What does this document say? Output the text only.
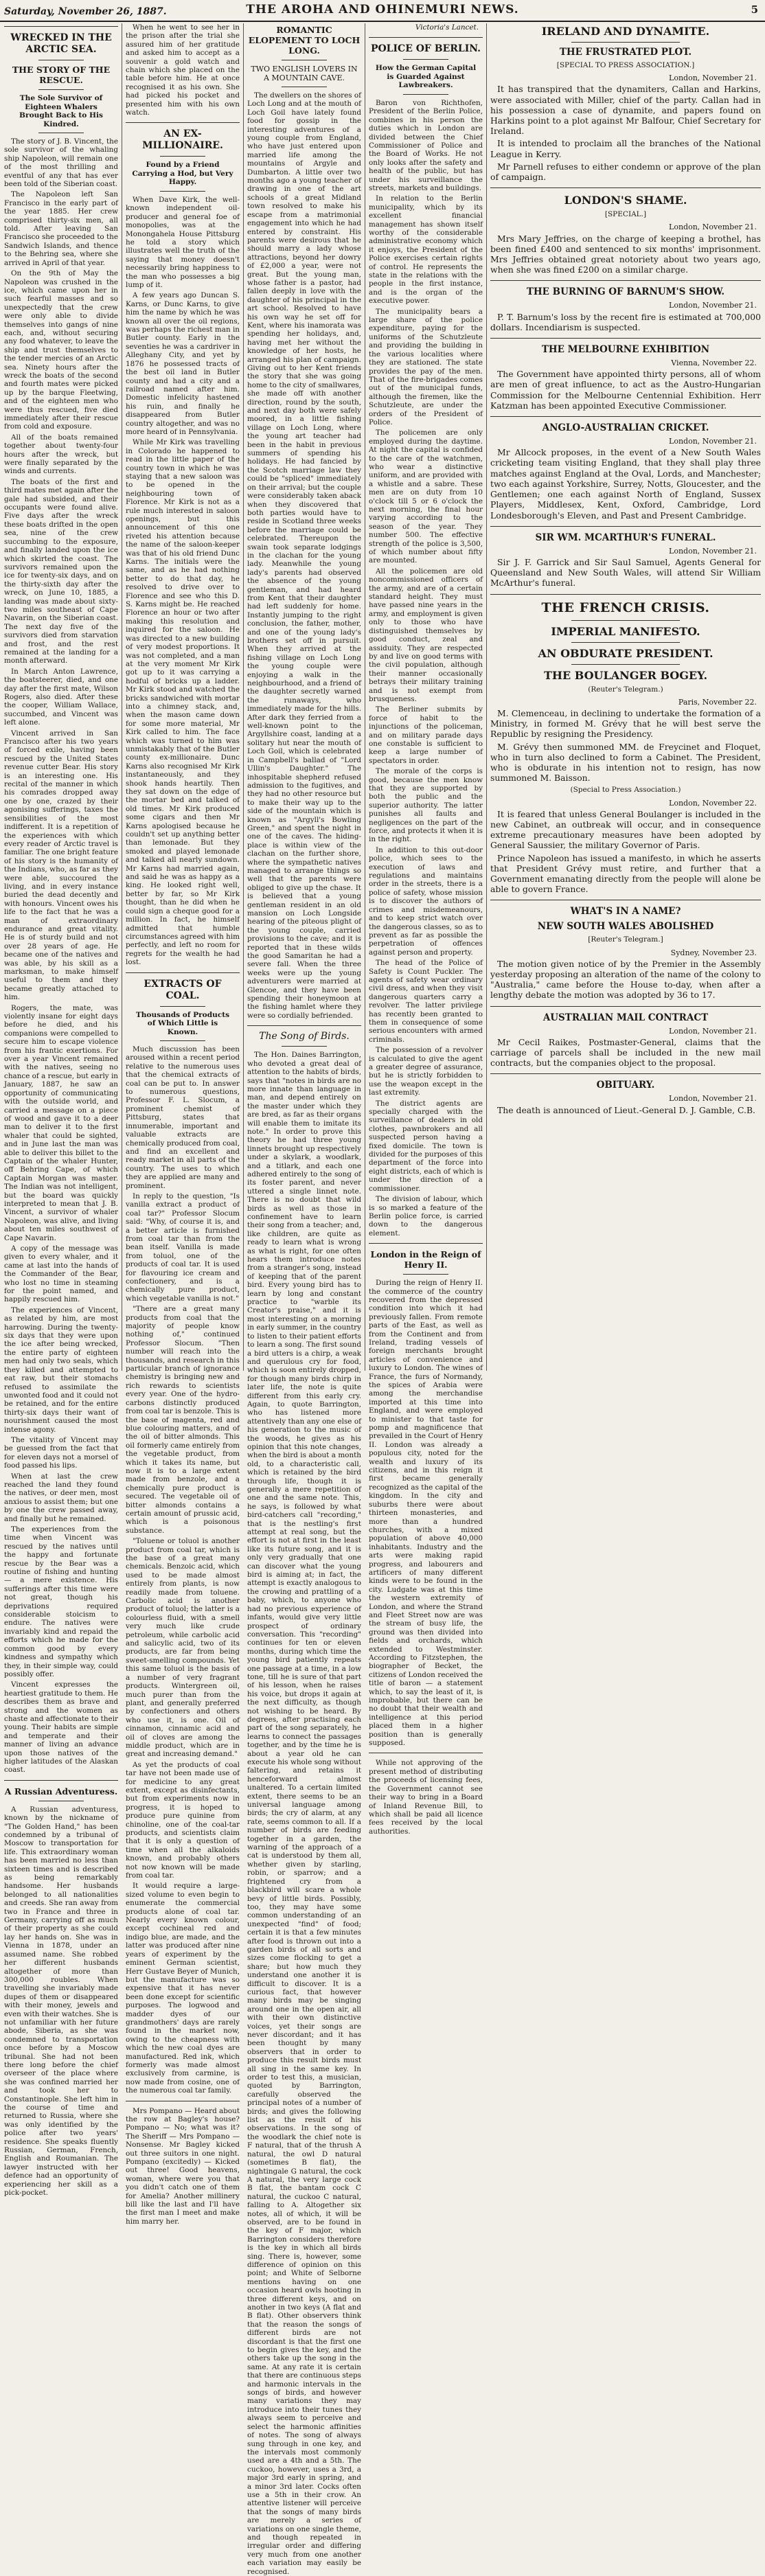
Saturday, November 26, 1887.	THE AROHA AND OHINEMURI NEWS.	5
WRECKED IN THE ARCTIC SEA.
THE STORY OF THE RESCUE.
The Sole Survivor of Eighteen Whalers Brought Back to His Kindred.

The story of J. B. Vincent, the sole survivor of the whaling ship Napoleon, will remain one of the most thrilling and eventful of any that has ever been told of the Siberian coast.

The Napoleon left San Francisco in the early part of the year 1885. Her crew comprised thirty-six men, all told. After leaving San Francisco she proceeded to the Sandwich Islands, and thence to the Behring sea, where she arrived in April of that year.

On the 9th of May the Napoleon was crushed in the ice, which came upon her in such fearful masses and so unexpectedly that the crew were only able to divide themselves into gangs of nine each, and, without securing any food whatever, to leave the ship and trust themselves to the tender mercies of an Arctic sea. Ninety hours after the wreck the boats of the second and fourth mates were picked up by the barque Fleetwing, and of the eighteen men who were thus rescued, five died immediately after their rescue from cold and exposure.

All of the boats remained together about twenty-four hours after the wreck, but were finally separated by the winds and currents.

The boats of the first and third mates met again after the gale had subsided, and their occupants were found alive. Five days after the wreck these boats drifted in the open sea, nine of the crew succumbing to the exposure, and finally landed upon the ice which skirted the coast. The survivors remained upon the ice for twenty-six days, and on the thirty-sixth day after the wreck, on June 10, 1885, a landing was made about sixty-two miles southeast of Cape Navarin, on the Siberian coast. The next day five of the survivors died from starvation and frost, and the rest remained at the landing for a month afterward.

In March Anton Lawrence, the boatsteerer, died, and one day after the first mate, Wilson Rogers, also died. After these the cooper, William Wallace, succumbed, and Vincent was left alone.

Vincent arrived in San Francisco after his two years of forced exile, having been rescued by the United States revenue cutter Bear. His story is an interesting one. His recital of the manner in which his comrades dropped away one by one, crazed by their agonising sufferings, taxes the sensibilities of the most indifferent. It is a repetition of the experiences with which every reader of Arctic travel is familiar. The one bright feature of his story is the humanity of the Indians, who, as far as they were able, succoured the living, and in every instance buried the dead decently and with honours. Vincent owes his life to the fact that he was a man of extraordinary endurance and great vitality. He is of sturdy build and not over 28 years of age. He became one of the natives and was able, by his skill as a marksman, to make himself useful to them and they became greatly attached to him.

Rogers, the mate, was violently insane for eight days before he died, and his companions were compelled to secure him to escape violence from his frantic exertions. For over a year Vincent remained with the natives, seeing no chance of a rescue, but early in January, 1887, he saw an opportunity of communicating with the outside world, and carried a message on a piece of wood and gave it to a deer man to deliver it to the first whaler that could be sighted, and in June last the man was able to deliver this billet to the Captain of the whaler Hunter, off Behring Cape, of which Captain Morgan was master. The Indian was not intelligent, but the board was quickly interpreted to mean that J. B. Vincent, a survivor of whaler Napoleon, was alive, and living about ten miles southwest of Cape Navarin.

A copy of the message was given to every whaler, and it came at last into the hands of the Commander of the Bear, who lost no time in steaming for the point named, and happily rescued him.

The experiences of Vincent, as related by him, are most harrowing. During the twenty-six days that they were upon the ice after being wrecked, the entire party of eighteen men had only two seals, which they killed and attempted to eat raw, but their stomachs refused to assimilate the unwonted food and it could not be retained, and for the entire thirty-six days their want of nourishment caused the most intense agony.

The vitality of Vincent may be guessed from the fact that for eleven days not a morsel of food passed his lips.

When at last the crew reached the land they found the natives, or deer men, most anxious to assist them; but one by one the crew passed away, and finally but he remained.

The experiences from the time when Vincent was rescued by the natives until the happy and fortunate rescue by the Bear was a routine of fishing and hunting — a mere existence. His sufferings after this time were not great, though his deprivations required considerable stoicism to endure. The natives were invariably kind and repaid the efforts which he made for the common good by every kindness and sympathy which they, in their simple way, could possibly offer.

Vincent expresses the heartiest gratitude to them. He describes them as brave and strong and the women as chaste and affectionate to their young. Their habits are simple and temperate and their manner of living an advance upon those natives of the higher latitudes of the Alaskan coast.

A Russian Adventuress.

A Russian adventuress, known by the nickname of "The Golden Hand," has been condemned by a tribunal of Moscow to transportation for life. This extraordinary woman has been married no less than sixteen times and is described as being remarkably handsome. Her husbands belonged to all nationalities and creeds. She ran away from two in France and three in Germany, carrying off as much of their property as she could lay her hands on. She was in Vienna in 1878, under an assumed name. She robbed her different husbands altogether of more than 300,000 roubles. When travelling she invariably made dupes of them or disappeared with their money, jewels and even with their watches. She is not unfamiliar with her future abode, Siberia, as she was condemned to transportation once before by a Moscow tribunal. She had not been there long before the chief overseer of the place where she was confined married her and took her to Constantinople. She left him in the course of time and returned to Russia, where she was only identified by the police after two years' residence. She speaks fluently Russian, German, French, English and Roumanian. The lawyer instructed with her defence had an opportunity of experiencing her skill as a pick-pocket.

When he went to see her in the prison after the trial she assured him of her gratitude and asked him to accept as a souvenir a gold watch and chain which she placed on the table before him. He at once recognised it as his own. She had picked his pocket and presented him with his own watch.

AN EX-MILLIONAIRE.
Found by a Friend Carrying a Hod, but Very Happy.

When Dave Kirk, the well-known independent oil-producer and general foe of monopolies, was at the Monongahela House Pittsburg he told a story which illustrates well the truth of the saying that money doesn't necessarily bring happiness to the man who possesses a big lump of it.

A few years ago Duncan S. Karns, or Dunc Karns, to give him the name by which he was known all over the oil regions, was perhaps the richest man in Butler county. Early in the seventies he was a cardriver in Alleghany City, and yet by 1876 he possessed tracts of the best oil land in Butler county and had a city and a railroad named after him. Domestic infelicity hastened his ruin, and finally he disappeared from Butler country altogether, and was no more heard of in Pennsylvania.

While Mr Kirk was travelling in Colorado he happened to read in the little paper of the country town in which he was staying that a new saloon was to be opened in the neighbouring town of Florence. Mr Kirk is not as a rule much interested in saloon openings, but this announcement of this one riveted his attention because the name of the saloon-keeper was that of his old friend Dunc Karns. The initials were the same, and as he had nothing better to do that day, he resolved to drive over to Florence and see who this D. S. Karns might be. He reached Florence an hour or two after making this resolution and inquired for the saloon. He was directed to a new building of very modest proportions. It was not completed, and a man at the very moment Mr Kirk got up to it was carrying a hodful of bricks up a ladder. Mr Kirk stood and watched the bricks sandwiched with mortar into a chimney stack, and, when the mason came down for some more material, Mr Kirk called to him. The face which was turned to him was unmistakably that of the Butler county ex-millionaire. Dunc Karns also recognised Mr Kirk instantaneously, and they shook hands heartily. Then they sat down on the edge of the mortar bed and talked of old times. Mr Kirk produced some cigars and then Mr Karns apologised because he couldn't set up anything better than lemonade. But they smoked and played lemonade and talked all nearly sundown. Mr Karns had married again, and said he was as happy as a king. He looked right well, better by far, so Mr Kirk thought, than he did when he could sign a cheque good for a million. In fact, he himself admitted that humble circumstances agreed with him perfectly, and left no room for regrets for the wealth he had lost.

EXTRACTS OF COAL.
Thousands of Products of Which Little is Known.

Much discussion has been aroused within a recent period relative to the numerous uses that the chemical extracts of coal can be put to. In answer to numerous questions, Professor F. L. Slocum, a prominent chemist of Pittsburg, states that innumerable, important and valuable extracts are chemically produced from coal, and find an excellent and ready market in all parts of the country. The uses to which they are applied are many and prominent.

In reply to the question, "Is vanilla extract a product of coal tar?" Professor Slocum said: "Why, of course it is, and a better article is furnished from coal tar than from the bean itself. Vanilla is made from toluol, one of the products of coal tar. It is used for flavouring ice cream and confectionery, and is a chemically pure product, which vegetable vanilla is not."

"There are a great many products from coal that the majority of people know nothing of," continued Professor Slocum. "Then number will reach into the thousands, and research in this particular branch of ignorance chemistry is bringing new and rich rewards to scientists every year. One of the hydro-carbons distinctly produced from coal tar is benzole. This is the base of magenta, red and blue colouring matters, and of the oil of bitter almonds. This oil formerly came entirely from the vegetable product, from which it takes its name, but now it is to a large extent made from benzole, and a chemically pure product is secured. The vegetable oil of bitter almonds contains a certain amount of prussic acid, which is a poisonous substance.

"Toluene or toluol is another product from coal tar, which is the base of a great many chemicals. Benzoic acid, which used to be made almost entirely from plants, is now readily made from toluene. Carbolic acid is another product of toluol; the latter is a colourless fluid, with a smell very much like crude petroleum, while carbolic acid and salicylic acid, two of its products, are far from being sweet-smelling compounds. Yet this same toluol is the basis of a number of very fragrant products. Wintergreen oil, much purer than from the plant, and generally preferred by confectioners and others who use it, is one. Oil of cinnamon, cinnamic acid and oil of cloves are among the middle product, which are in great and increasing demand."

As yet the products of coal tar have not been made use of for medicine to any great extent, except as disinfectants, but from experiments now in progress, it is hoped to produce pure quinine from chinoline, one of the coal-tar products, and scientists claim that it is only a question of time when all the alkaloids known, and probably others not now known will be made from coal tar.

It would require a large-sized volume to even begin to enumerate the commercial products alone of coal tar. Nearly every known colour, except cochineal red and indigo blue, are made, and the latter was produced after nine years of experiment by the eminent German scientist, Herr Gustave Beyer of Munich, but the manufacture was so expensive that it has never been done except for scientific purposes. The logwood and madder dyes of our grandmothers' days are rarely found in the market now, owing to the cheapness with which the new coal dyes are manufactured. Red ink, which formerly was made almost exclusively from carmine, is now made from cosine, one of the numerous coal tar family.

Mrs Pompano — Heard about the row at Bagley's house? Pompano — No; what was it? The Sheriff — Mrs Pompano — Nonsense. Mr Bagley kicked out three suitors in one night. Pompano (excitedly) — Kicked out three! Good heavens, woman, where were you that you didn't catch one of them for Amelia? Another millinery bill like the last and I'll have the first man I meet and make him marry her.

ROMANTIC ELOPEMENT TO LOCH LONG.
TWO ENGLISH LOVERS IN A MOUNTAIN CAVE.

The dwellers on the shores of Loch Long and at the mouth of Loch Goil have lately found food for gossip in the interesting adventures of a young couple from England, who have just entered upon married life among the mountains of Argyle and Dumbarton. A little over two months ago a young teacher of drawing in one of the art schools of a great Midland town resolved to make his escape from a matrimonial engagement into which he had entered by constraint. His parents were desirous that he should marry a lady whose attractions, beyond her dowry of £2,000 a year, were not great. But the young man, whose father is a pastor, had fallen deeply in love with the daughter of his principal in the art school. Resolved to have his own way he set off for Kent, where his inamorata was spending her holidays, and, having met her without the knowledge of her hosts, he arranged his plan of campaign. Giving out to her Kent friends the story that she was going home to the city of smallwares, she made off with another direction, round by the south, and next day both were safely moored, in a little fishing village on Loch Long, where the young art teacher had been in the habit in previous summers of spending his holidays. He had fancied by the Scotch marriage law they could be "spliced" immediately on their arrival; but the couple were considerably taken aback when they discovered that both parties would have to reside in Scotland three weeks before the marriage could be celebrated. Thereupon the swain took separate lodgings in the clachan for the young lady. Meanwhile the young lady's parents had observed the absence of the young gentleman, and had heard from Kent that their daughter had left suddenly for home. Instantly jumping to the right conclusion, the father, mother, and one of the young lady's brothers set off in pursuit. When they arrived at the fishing village on Loch Long the young couple were enjoying a walk in the neighbourhood, and a friend of the daughter secretly warned the runaways, who immediately made for the hills. After dark they ferried from a well-known point to the Argyllshire coast, landing at a solitary hut near the mouth of Loch Goil, which is celebrated in Campbell's ballad of "Lord Ullin's Daughter." The inhospitable shepherd refused admission to the fugitives, and they had no other resource but to make their way up to the side of the mountain which is known as "Argyll's Bowling Green," and spent the night in one of the caves. The hiding-place is within view of the clachan on the further shore, where the sympathetic natives managed to arrange things so well that the parents were obliged to give up the chase. It is believed that a young gentleman resident in an old mansion on Loch Longside hearing of the piteous plight of the young couple, carried provisions to the cave; and it is reported that in these wilds the good Samaritan he had a severe fall. When the three weeks were up the young adventurers were married at Glencoe, and they have been spending their honeymoon at the fishing hamlet where they were so cordially befriended.

The Song of Birds.

The Hon. Daines Barrington, who devoted a great deal of attention to the habits of birds, says that "notes in birds are no more innate than language in man, and depend entirely on the master under which they are bred, as far as their organs will enable them to imitate its note." In order to prove this theory he had three young linnets brought up respectively under a skylark, a woodlark, and a titlark, and each one adhered entirely to the song of its foster parent, and never uttered a single linnet note. There is no doubt that wild birds as well as those in confinement have to learn their song from a teacher; and, like children, are quite as ready to learn what is wrong as what is right, for one often hears them introduce notes from a stranger's song, instead of keeping that of the parent bird. Every young bird has to learn by long and constant practice to "warble its Creator's praise," and it is most interesting on a morning in early summer, in the country to listen to their patient efforts to learn a song. The first sound a bird utters is a chirp, a weak and querulous cry for food, which is soon entirely dropped, for though many birds chirp in later life, the note is quite different from this early cry. Again, to quote Barrington, who has listened more attentively than any one else of his generation to the music of the woods, he gives as his opinion that this note changes, when the bird is about a month old, to a characteristic call, which is retained by the bird through life, though it is generally a mere repetition of one and the same note. This, he says, is followed by what bird-catchers call "recording," that is the nestling's first attempt at real song, but the effort is not at first in the least like its future song, and it is only very gradually that one can discover what the young bird is aiming at; in fact, the attempt is exactly analogous to the crowing and prattling of a baby, which, to anyone who had no previous experience of infants, would give very little prospect of ordinary conversation. This "recording" continues for ten or eleven months, during which time the young bird patiently repeats one passage at a time, in a low tone, till he is sure of that part of his lesson, when he raises his voice, but drops it again at the next difficulty, as though not wishing to be heard. By degrees, after practising each part of the song separately, he learns to connect the passages together, and by the time he is about a year old he can execute his whole song without faltering, and retains it henceforward almost unaltered. To a certain limited extent, there seems to be an universal language among birds; the cry of alarm, at any rate, seems common to all. If a number of birds are feeding together in a garden, the warning of the approach of a cat is understood by them all, whether given by starling, robin, or sparrow; and a frightened cry from a blackbird will scare a whole bevy of little birds. Possibly, too, they may have some common understanding of an unexpected "find" of food; certain it is that a few minutes after food is thrown out into a garden birds of all sorts and sizes come flocking to get a share; but how much they understand one another it is difficult to discover. It is a curious fact, that however many birds may be singing around one in the open air, all with their own distinctive voices, yet their songs are never discordant; and it has been thought by many observers that in order to produce this result birds must all sing in the same key. In order to test this, a musician, quoted by Barrington, carefully observed the principal notes of a number of birds; and gives the following list as the result of his observations. In the song of the woodlark the chief note is F natural, that of the thrush A natural, the owl D natural (sometimes B flat), the nightingale G natural, the cock A natural, the very large cock B flat, the bantam cock C natural, the cuckoo C natural, falling to A. Altogether six notes, all of which, it will be observed, are to be found in the key of F major, which Barrington considers therefore is the key in which all birds sing. There is, however, some difference of opinion on this point; and White of Selborne mentions having on one occasion heard owls hooting in three different keys, and on another in two keys (A flat and B flat). Other observers think that the reason the songs of different birds are not discordant is that the first one to begin gives the key, and the others take up the song in the same. At any rate it is certain that there are continuous steps and harmonic intervals in the songs of birds, and however many variations they may introduce into their tunes they always seem to perceive and select the harmonic affinities of notes. The song of always sung through in one key, and the intervals most commonly used are a 4th and a 5th. The cuckoo, however, uses a 3rd, a major 3rd early in spring, and a minor 3rd later. Cocks often use a 5th in their crow. An attentive listener will perceive that the songs of many birds are merely a series of variations on one single theme, and though repeated in irregular order and differing very much from one another each variation may easily be recognised.

Victoria's Lancet.
POLICE OF BERLIN.
How the German Capital is Guarded Against Lawbreakers.

Baron von Richthofen, President of the Berlin Police, combines in his person the duties which in London are divided between the Chief Commissioner of Police and the Board of Works. He not only looks after the safety and health of the public, but has under his surveillance the streets, markets and buildings.

In relation to the Berlin municipality, which by its excellent financial management has shown itself worthy of the considerable administrative economy which it enjoys, the President of the Police exercises certain rights of control. He represents the state in the relations with the people in the first instance, and is the organ of the executive power.

The municipality bears a large share of the police expenditure, paying for the uniforms of the Schutzleute and providing the building in the various localities where they are stationed. The state provides the pay of the men. That of the fire-brigades comes out of the municipal funds, although the firemen, like the Schutzleute, are under the orders of the President of Police.

The policemen are only employed during the daytime. At night the capital is confided to the care of the watchmen, who wear a distinctive uniform, and are provided with a whistle and a sabre. These men are on duty from 10 o'clock till 5 or 6 o'clock the next morning, the final hour varying according to the season of the year. They number 500. The effective strength of the police is 3,500, of which number about fifty are mounted.

All the policemen are old noncommissioned officers of the army, and are of a certain standard height. They must have passed nine years in the army, and employment is given only to those who have distinguished themselves by good conduct, zeal and assiduity. They are respected by and live on good terms with the civil population, although their manner occasionally betrays their military training and is not exempt from brusqueness.

The Berliner submits by force of habit to the injunctions of the policeman, and on military parade days one constable is sufficient to keep a large number of spectators in order.

The morale of the corps is good, because the men know that they are supported by both the public and the superior authority. The latter punishes all faults and negligences on the part of the force, and protects it when it is in the right.

In addition to this out-door police, which sees to the execution of laws and regulations and maintains order in the streets, there is a police of safety, whose mission is to discover the authors of crimes and misdemeanours, and to keep strict watch over the dangerous classes, so as to prevent as far as possible the perpetration of offences against person and property.

The head of the Police of Safety is Count Puckler. The agents of safety wear ordinary civil dress, and when they visit dangerous quarters carry a revolver. The latter privilege has recently been granted to them in consequence of some serious encounters with armed criminals.

The possession of a revolver is calculated to give the agent a greater degree of assurance, but he is strictly forbidden to use the weapon except in the last extremity.

The district agents are specially charged with the surveillance of dealers in old clothes, pawnbrokers and all suspected person having a fixed domicile. The town is divided for the purposes of this department of the force into eight districts, each of which is under the direction of a commissioner.

The division of labour, which is so marked a feature of the Berlin police force, is carried down to the dangerous element.

London in the Reign of Henry II.

During the reign of Henry II. the commerce of the country recovered from the depressed condition into which it had previously fallen. From remote parts of the East, as well as from the Continent and from Ireland, trading vessels of foreign merchants brought articles of convenience and luxury to London. The wines of France, the furs of Normandy, the spices of Arabia were among the merchandise imported at this time into England, and were employed to minister to that taste for pomp and magnificence that prevailed in the Court of Henry II. London was already a populous city, noted for the wealth and luxury of its citizens, and in this reign it first became generally recognized as the capital of the kingdom. In the city and suburbs there were about thirteen monasteries, and more than a hundred churches, with a mixed population of above 40,000 inhabitants. Industry and the arts were making rapid progress, and labourers and artificers of many different kinds were to be found in the city. Ludgate was at this time the western extremity of London, and where the Strand and Fleet Street now are was the stream of busy life, the ground was then divided into fields and orchards, which extended to Westminster. According to Fitzstephen, the biographer of Becket, the citizens of London received the title of baron — a statement which, to say the least of it, is improbable, but there can be no doubt that their wealth and intelligence at this period placed them in a higher position than is generally supposed.

While not approving of the present method of distributing the proceeds of licensing fees, the Government cannot see their way to bring in a Board of Inland Revenue Bill, to which shall be paid all licence fees received by the local authorities.

IRELAND AND DYNAMITE.
THE FRUSTRATED PLOT.
[SPECIAL TO PRESS ASSOCIATION.]
London, November 21.

It has transpired that the dynamiters, Callan and Harkins, were associated with Miller, chief of the party. Callan had in his possession a case of dynamite, and papers found on Harkins point to a plot against Mr Balfour, Chief Secretary for Ireland.

It is intended to proclaim all the branches of the National League in Kerry.

Mr Parnell refuses to either condemn or approve of the plan of campaign.

LONDON'S SHAME.
[SPECIAL.]
London, November 21.

Mrs Mary Jeffries, on the charge of keeping a brothel, has been fined £400 and sentenced to six months' imprisonment. Mrs Jeffries obtained great notoriety about two years ago, when she was fined £200 on a similar charge.

THE BURNING OF BARNUM'S SHOW.
London, November 21.

P. T. Barnum's loss by the recent fire is estimated at 700,000 dollars. Incendiarism is suspected.

THE MELBOURNE EXHIBITION
Vienna, November 22.

The Government have appointed thirty persons, all of whom are men of great influence, to act as the Austro-Hungarian Commission for the Melbourne Centennial Exhibition. Herr Katzman has been appointed Executive Commissioner.

ANGLO-AUSTRALIAN CRICKET.
London, November 21.

Mr Allcock proposes, in the event of a New South Wales cricketing team visiting England, that they shall play three matches against England at the Oval, Lords, and Manchester; two each against Yorkshire, Surrey, Notts, Gloucester, and the Gentlemen; one each against North of England, Sussex Players, Middlesex, Kent, Oxford, Cambridge, Lord Londesborough's Eleven, and Past and Present Cambridge.

SIR WM. MCARTHUR'S FUNERAL.
London, November 21.

Sir J. F. Garrick and Sir Saul Samuel, Agents General for Queensland and New South Wales, will attend Sir William McArthur's funeral.

THE FRENCH CRISIS.
IMPERIAL MANIFESTO.
AN OBDURATE PRESIDENT.
THE BOULANGER BOGEY.
(Reuter's Telegram.)
Paris, November 22.

M. Clemenceau, in declining to undertake the formation of a Ministry, in formed M. Grévy that he will best serve the Republic by resigning the Presidency.

M. Grévy then summoned MM. de Freycinet and Floquet, who in turn also declined to form a Cabinet. The President, who is obdurate in his intention not to resign, has now summoned M. Baisson.

(Special to Press Association.)
London, November 22.

It is feared that unless General Boulanger is included in the new Cabinet, an outbreak will occur, and in consequence extreme precautionary measures have been adopted by General Saussier, the military Governor of Paris.

Prince Napoleon has issued a manifesto, in which he asserts that President Grévy must retire, and further that a Government emanating directly from the people will alone be able to govern France.

WHAT'S IN A NAME?
NEW SOUTH WALES ABOLISHED
[Reuter's Telegram.]
Sydney, November 23.

The motion given notice of by the Premier in the Assembly yesterday proposing an alteration of the name of the colony to "Australia," came before the House to-day, when after a lengthy debate the motion was adopted by 36 to 17.

AUSTRALIAN MAIL CONTRACT
London, November 21.

Mr Cecil Raikes, Postmaster-General, claims that the carriage of parcels shall be included in the new mail contracts, but the companies object to the proposal.

OBITUARY.
London, November 21.

The death is announced of Lieut.-General D. J. Gamble, C.B.
